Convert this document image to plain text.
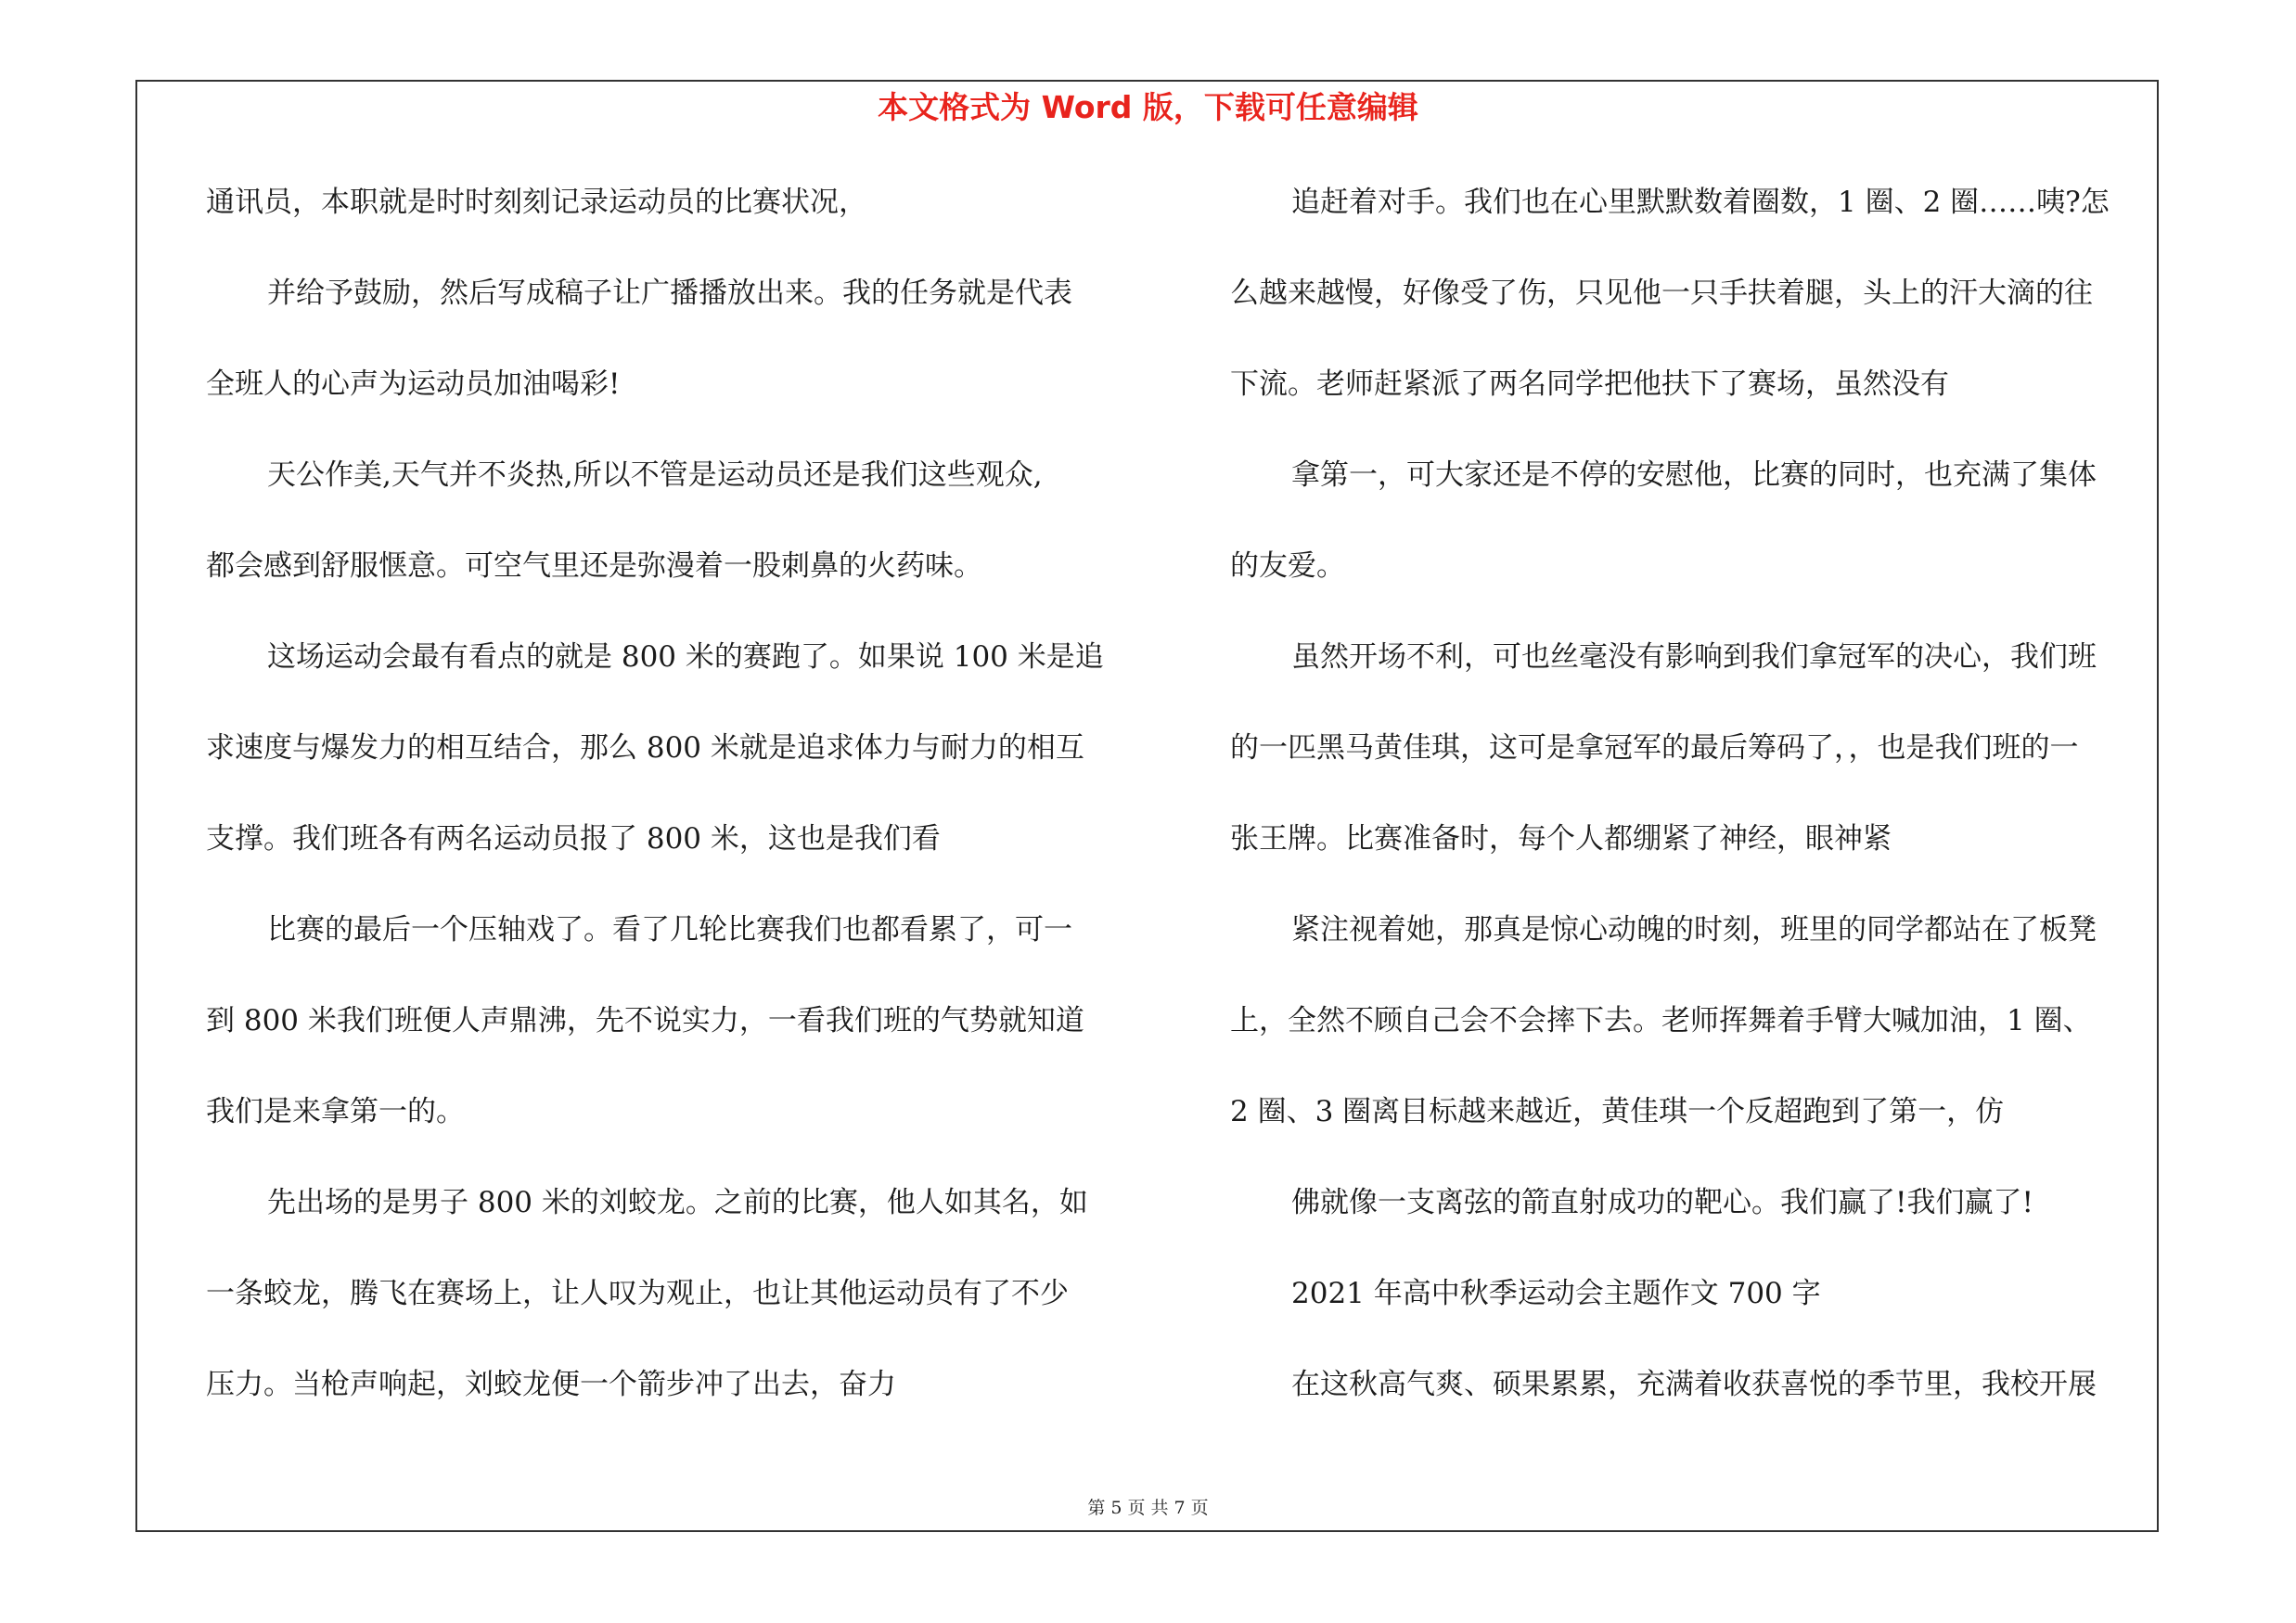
本文格式为 Word 版，下载可任意编辑
通讯员，本职就是时时刻刻记录运动员的比赛状况，
并给予鼓励，然后写成稿子让广播播放出来。我的任务就是代表
全班人的心声为运动员加油喝彩!
天公作美,天气并不炎热,所以不管是运动员还是我们这些观众,
都会感到舒服惬意。可空气里还是弥漫着一股刺鼻的火药味。
这场运动会最有看点的就是 800 米的赛跑了。如果说 100 米是追
求速度与爆发力的相互结合，那么 800 米就是追求体力与耐力的相互
支撑。我们班各有两名运动员报了 800 米，这也是我们看
比赛的最后一个压轴戏了。看了几轮比赛我们也都看累了，可一
到 800 米我们班便人声鼎沸，先不说实力，一看我们班的气势就知道
我们是来拿第一的。
先出场的是男子 800 米的刘蛟龙。之前的比赛，他人如其名，如
一条蛟龙，腾飞在赛场上，让人叹为观止，也让其他运动员有了不少
压力。当枪声响起，刘蛟龙便一个箭步冲了出去，奋力
追赶着对手。我们也在心里默默数着圈数，1 圈、2 圈……咦?怎
么越来越慢，好像受了伤，只见他一只手扶着腿，头上的汗大滴的往
下流。老师赶紧派了两名同学把他扶下了赛场，虽然没有
拿第一，可大家还是不停的安慰他，比赛的同时，也充满了集体
的友爱。
虽然开场不利，可也丝毫没有影响到我们拿冠军的决心，我们班
的一匹黑马黄佳琪，这可是拿冠军的最后筹码了，，也是我们班的一
张王牌。比赛准备时，每个人都绷紧了神经，眼神紧
紧注视着她，那真是惊心动魄的时刻，班里的同学都站在了板凳
上，全然不顾自己会不会摔下去。老师挥舞着手臂大喊加油，1 圈、
2 圈、3 圈离目标越来越近，黄佳琪一个反超跑到了第一，仿
佛就像一支离弦的箭直射成功的靶心。我们赢了!我们赢了!
2021 年高中秋季运动会主题作文 700 字
在这秋高气爽、硕果累累，充满着收获喜悦的季节里，我校开展
第 5 页 共 7 页
